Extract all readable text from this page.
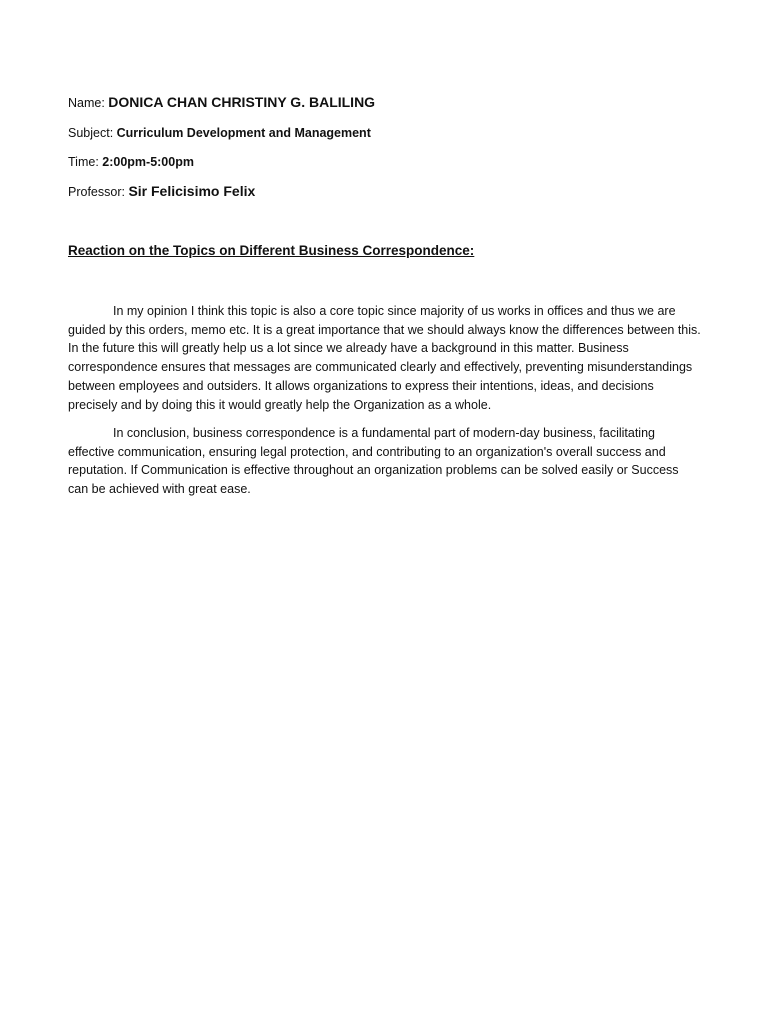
Name: DONICA CHAN CHRISTINY G. BALILING
Subject: Curriculum Development and Management
Time: 2:00pm-5:00pm
Professor: Sir Felicisimo Felix
Reaction on the Topics on Different Business Correspondence:

In my opinion I think this topic is also a core topic since majority of us works in offices and thus we are guided by this orders, memo etc. It is a great importance that we should always know the differences between this. In the future this will greatly help us a lot since we already have a background in this matter. Business correspondence ensures that messages are communicated clearly and effectively, preventing misunderstandings between employees and outsiders. It allows organizations to express their intentions, ideas, and decisions precisely and by doing this it would greatly help the Organization as a whole.

In conclusion, business correspondence is a fundamental part of modern-day business, facilitating effective communication, ensuring legal protection, and contributing to an organization's overall success and reputation. If Communication is effective throughout an organization problems can be solved easily or Success can be achieved with great ease.
